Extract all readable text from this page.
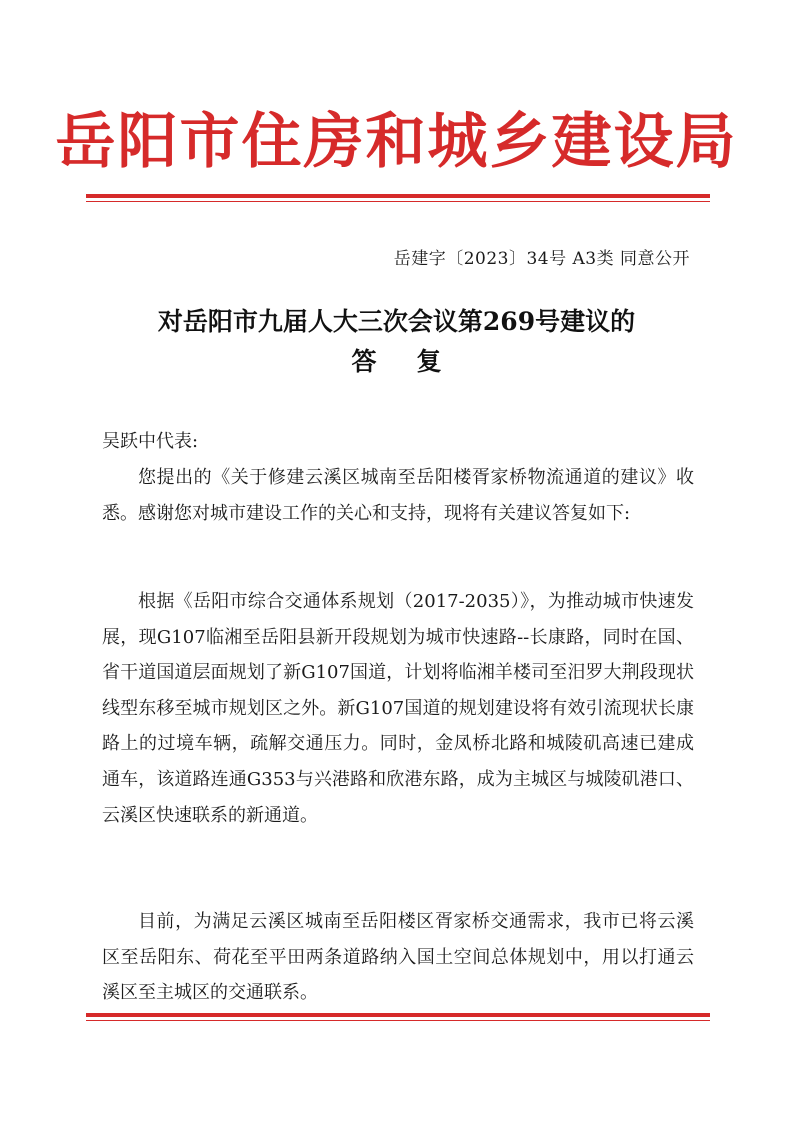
岳阳市住房和城乡建设局
岳建字〔2023〕34号 A3类 同意公开
对岳阳市九届人大三次会议第269号建议的
答复
吴跃中代表:

您提出的《关于修建云溪区城南至岳阳楼胥家桥物流通道的建议》收悉。感谢您对城市建设工作的关心和支持，现将有关建议答复如下:

根据《岳阳市综合交通体系规划（2017-2035）》，为推动城市快速发展，现G107临湘至岳阳县新开段规划为城市快速路--长康路，同时在国、省干道国道层面规划了新G107国道，计划将临湘羊楼司至汨罗大荆段现状线型东移至城市规划区之外。新G107国道的规划建设将有效引流现状长康路上的过境车辆，疏解交通压力。同时，金凤桥北路和城陵矶高速已建成通车，该道路连通G353与兴港路和欣港东路，成为主城区与城陵矶港口、云溪区快速联系的新通道。

目前，为满足云溪区城南至岳阳楼区胥家桥交通需求，我市已将云溪区至岳阳东、荷花至平田两条道路纳入国土空间总体规划中，用以打通云溪区至主城区的交通联系。
